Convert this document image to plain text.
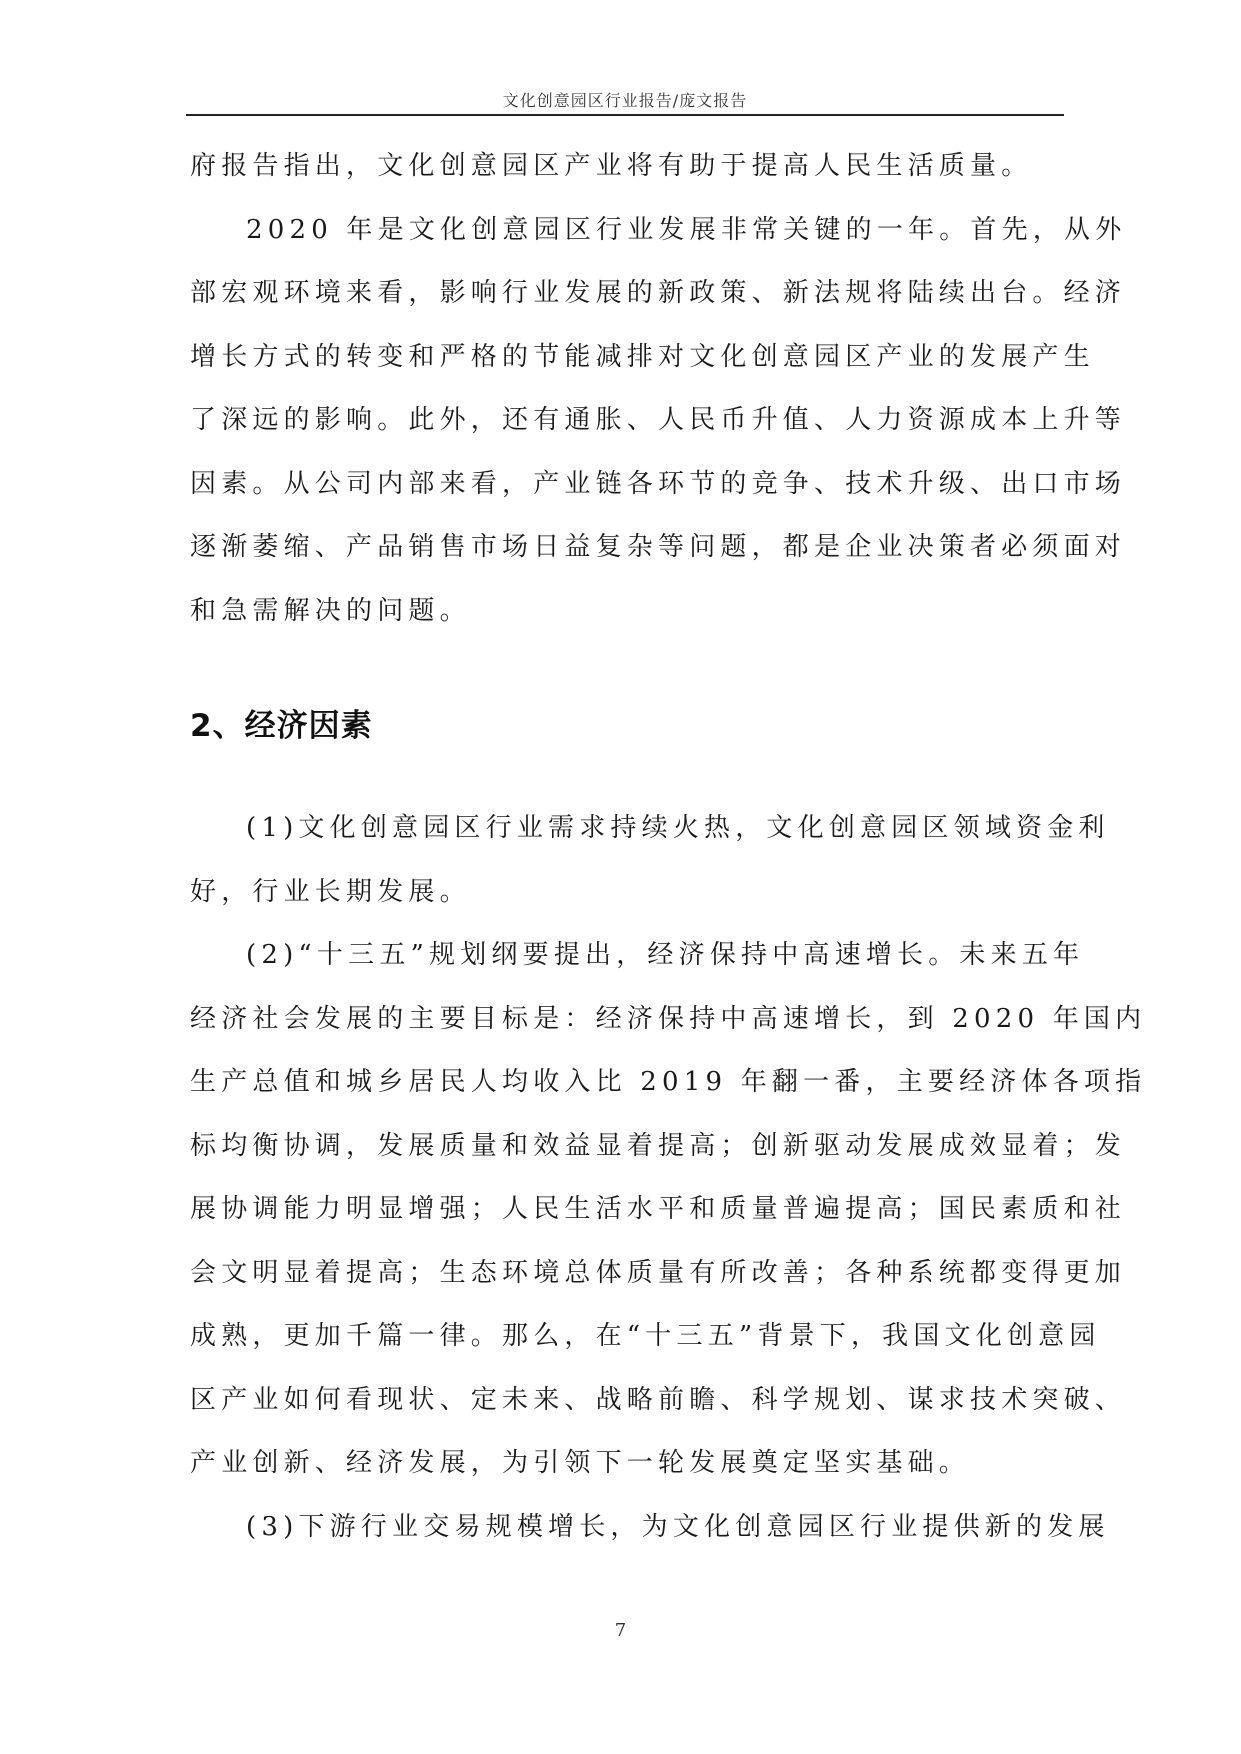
文化创意园区行业报告/庞文报告
府报告指出，文化创意园区产业将有助于提高人民生活质量。
2020 年是文化创意园区行业发展非常关键的一年。首先，从外
部宏观环境来看，影响行业发展的新政策、新法规将陆续出台。经济
增长方式的转变和严格的节能减排对文化创意园区产业的发展产生
了深远的影响。此外，还有通胀、人民币升值、人力资源成本上升等
因素。从公司内部来看，产业链各环节的竞争、技术升级、出口市场
逐渐萎缩、产品销售市场日益复杂等问题，都是企业决策者必须面对
和急需解决的问题。
2、经济因素
(1)文化创意园区行业需求持续火热，文化创意园区领域资金利
好，行业长期发展。
(2)“十三五”规划纲要提出，经济保持中高速增长。未来五年
经济社会发展的主要目标是：经济保持中高速增长，到 2020 年国内
生产总值和城乡居民人均收入比 2019 年翻一番，主要经济体各项指
标均衡协调，发展质量和效益显着提高；创新驱动发展成效显着；发
展协调能力明显增强；人民生活水平和质量普遍提高；国民素质和社
会文明显着提高；生态环境总体质量有所改善；各种系统都变得更加
成熟，更加千篇一律。那么，在“十三五”背景下，我国文化创意园
区产业如何看现状、定未来、战略前瞻、科学规划、谋求技术突破、
产业创新、经济发展，为引领下一轮发展奠定坚实基础。
(3)下游行业交易规模增长，为文化创意园区行业提供新的发展
7
